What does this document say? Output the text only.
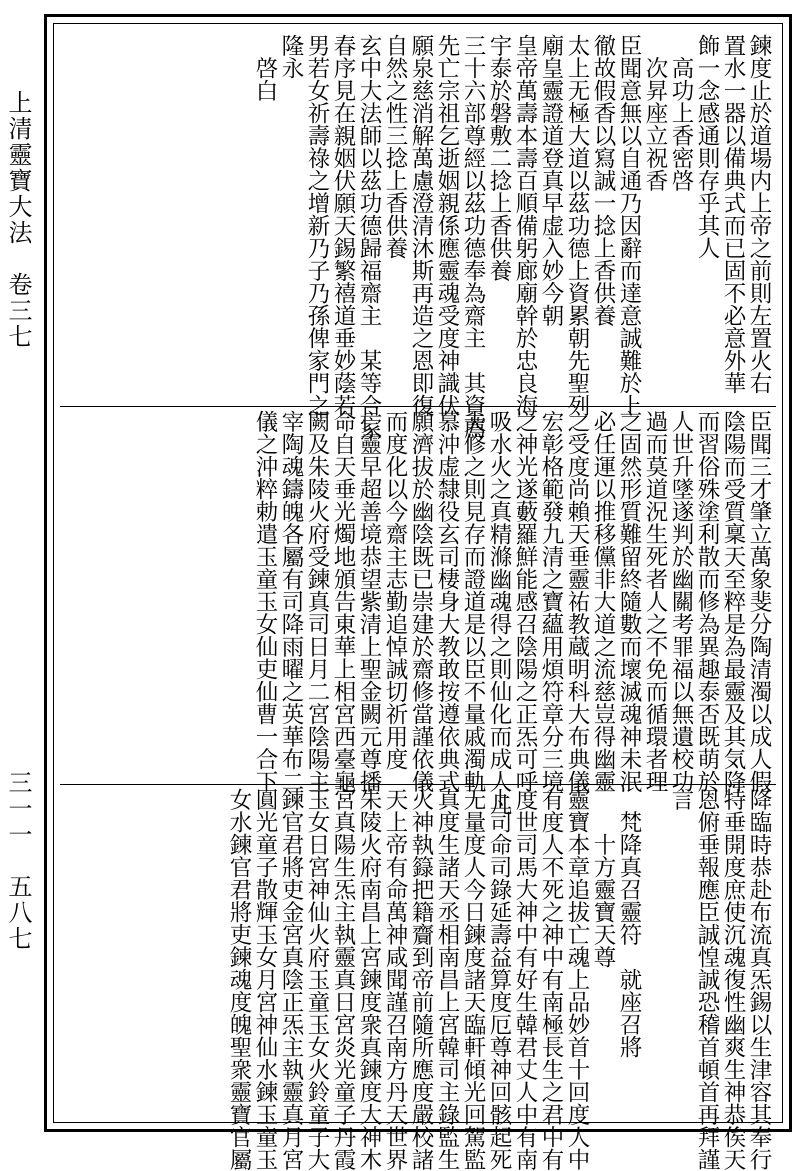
上清靈寶大法　卷三七
三一一　五八七
鍊度止於道場内上帝之前則左置火右
置水一器以備典式而已固不必意外華
飾一念感通則存乎其人
　高功上香密啓
　次昇座立祝香
臣聞意無以自通乃因辭而達意誠難於上
徹故假香以寫誠一捻上香供養
太上无極大道以茲功德上資累朝先聖列
廟皇靈證道登真早虚入妙今朝
皇帝萬壽本壽百順備躬廊廟幹於忠良海
宇泰於磐敷二捻上香供養
三十六部尊經以茲功德奉為齋主　其資薦
先亡宗祖乞逝姻親係應靈魂受度神識伏
願泉慈消解萬慮澄清沐斯再造之恩即復
自然之性三捻上香供養
玄中大法師以茲功德歸福齋主　某等合家
春序見在親姻伏願天錫繁禧道垂妙蔭若
男若女祈壽祿之增新乃子乃孫俾家門之
隆永
　啓白
臣聞三才肇立萬象斐分陶清濁以成人假
陰陽而受質稟天至粹是為最靈及其気降
而習俗殊塗利散而修為異趣泰否既萌於
人世升墜遂判於幽關考罪福以無遺校功
過而莫道況生死者人之不免而循環者理
之固然形質難留終隨數而壞滅魂神未泯
必任運以推移儻非大道之流慈豈得幽靈
之受度尚賴天垂靈祐教蔵明科大布典儀
宏彰格範發九清之寶蘊用煩符章分三境
之神光遂藪羅鮮能感召陰陽之正炁可呼
吸水火之真精滌幽魂得之則仙化而成人凡
夫修之則見存而證道是以臣不量戚濁軌
慕沖虚隸役玄司棲身大教敢按遵依典式
願濟拔於幽陰既已崇建於齋修當謹依儀
而度化以今齋主志勤追悼誠切祈用度
亡靈早超善境恭望紫清上聖金闕元尊播
命自天垂光燭地頒告東華上相宮西臺龜
闕及朱陵火府受鍊真司日月二宮陰陽主
宰陶魂鑄魄各屬有司降雨曜之英華布二
儀之沖粹勅遣玉童玉女仙吏仙曹一合下
降臨時恭赴布流真炁錫以生津容其奉行
特垂開度庶使沉魂復性幽爽生神恭俟天
恩俯垂報應臣誠惶誠恐稽首頓首再拜謹
言
　梵降真召靈符　就座召將
　　十方靈寶天尊
靈寶本章追拔亡魂上品妙首十回度人中
有度人不死之神中有南極長生之君中有
度世司馬大神中有好生韓君丈人中有南
上司命司錄延壽益算度厄尊神回骸起死
无量度人今日鍊度諸天臨軒傾光回駕監
真度生諸天丞相南昌上宮韓司主錄監生
火神執籙把籍齎到帝前隨所應度嚴校諸
天上帝有命萬神咸聞謹召南方丹天世界
朱陵火府南昌上宮鍊度衆真鍊度大神木
宮真陽生炁主執靈真日宮炎光童子丹霞
玉女日宮神仙火府玉童玉女火鈴童子大
鍊官君將吏金宮真陰正炁主執靈真月宮
圓光童子散輝玉女月宮神仙水鍊玉童玉
女水鍊官君將吏鍊魂度魄聖衆靈寶官屬
